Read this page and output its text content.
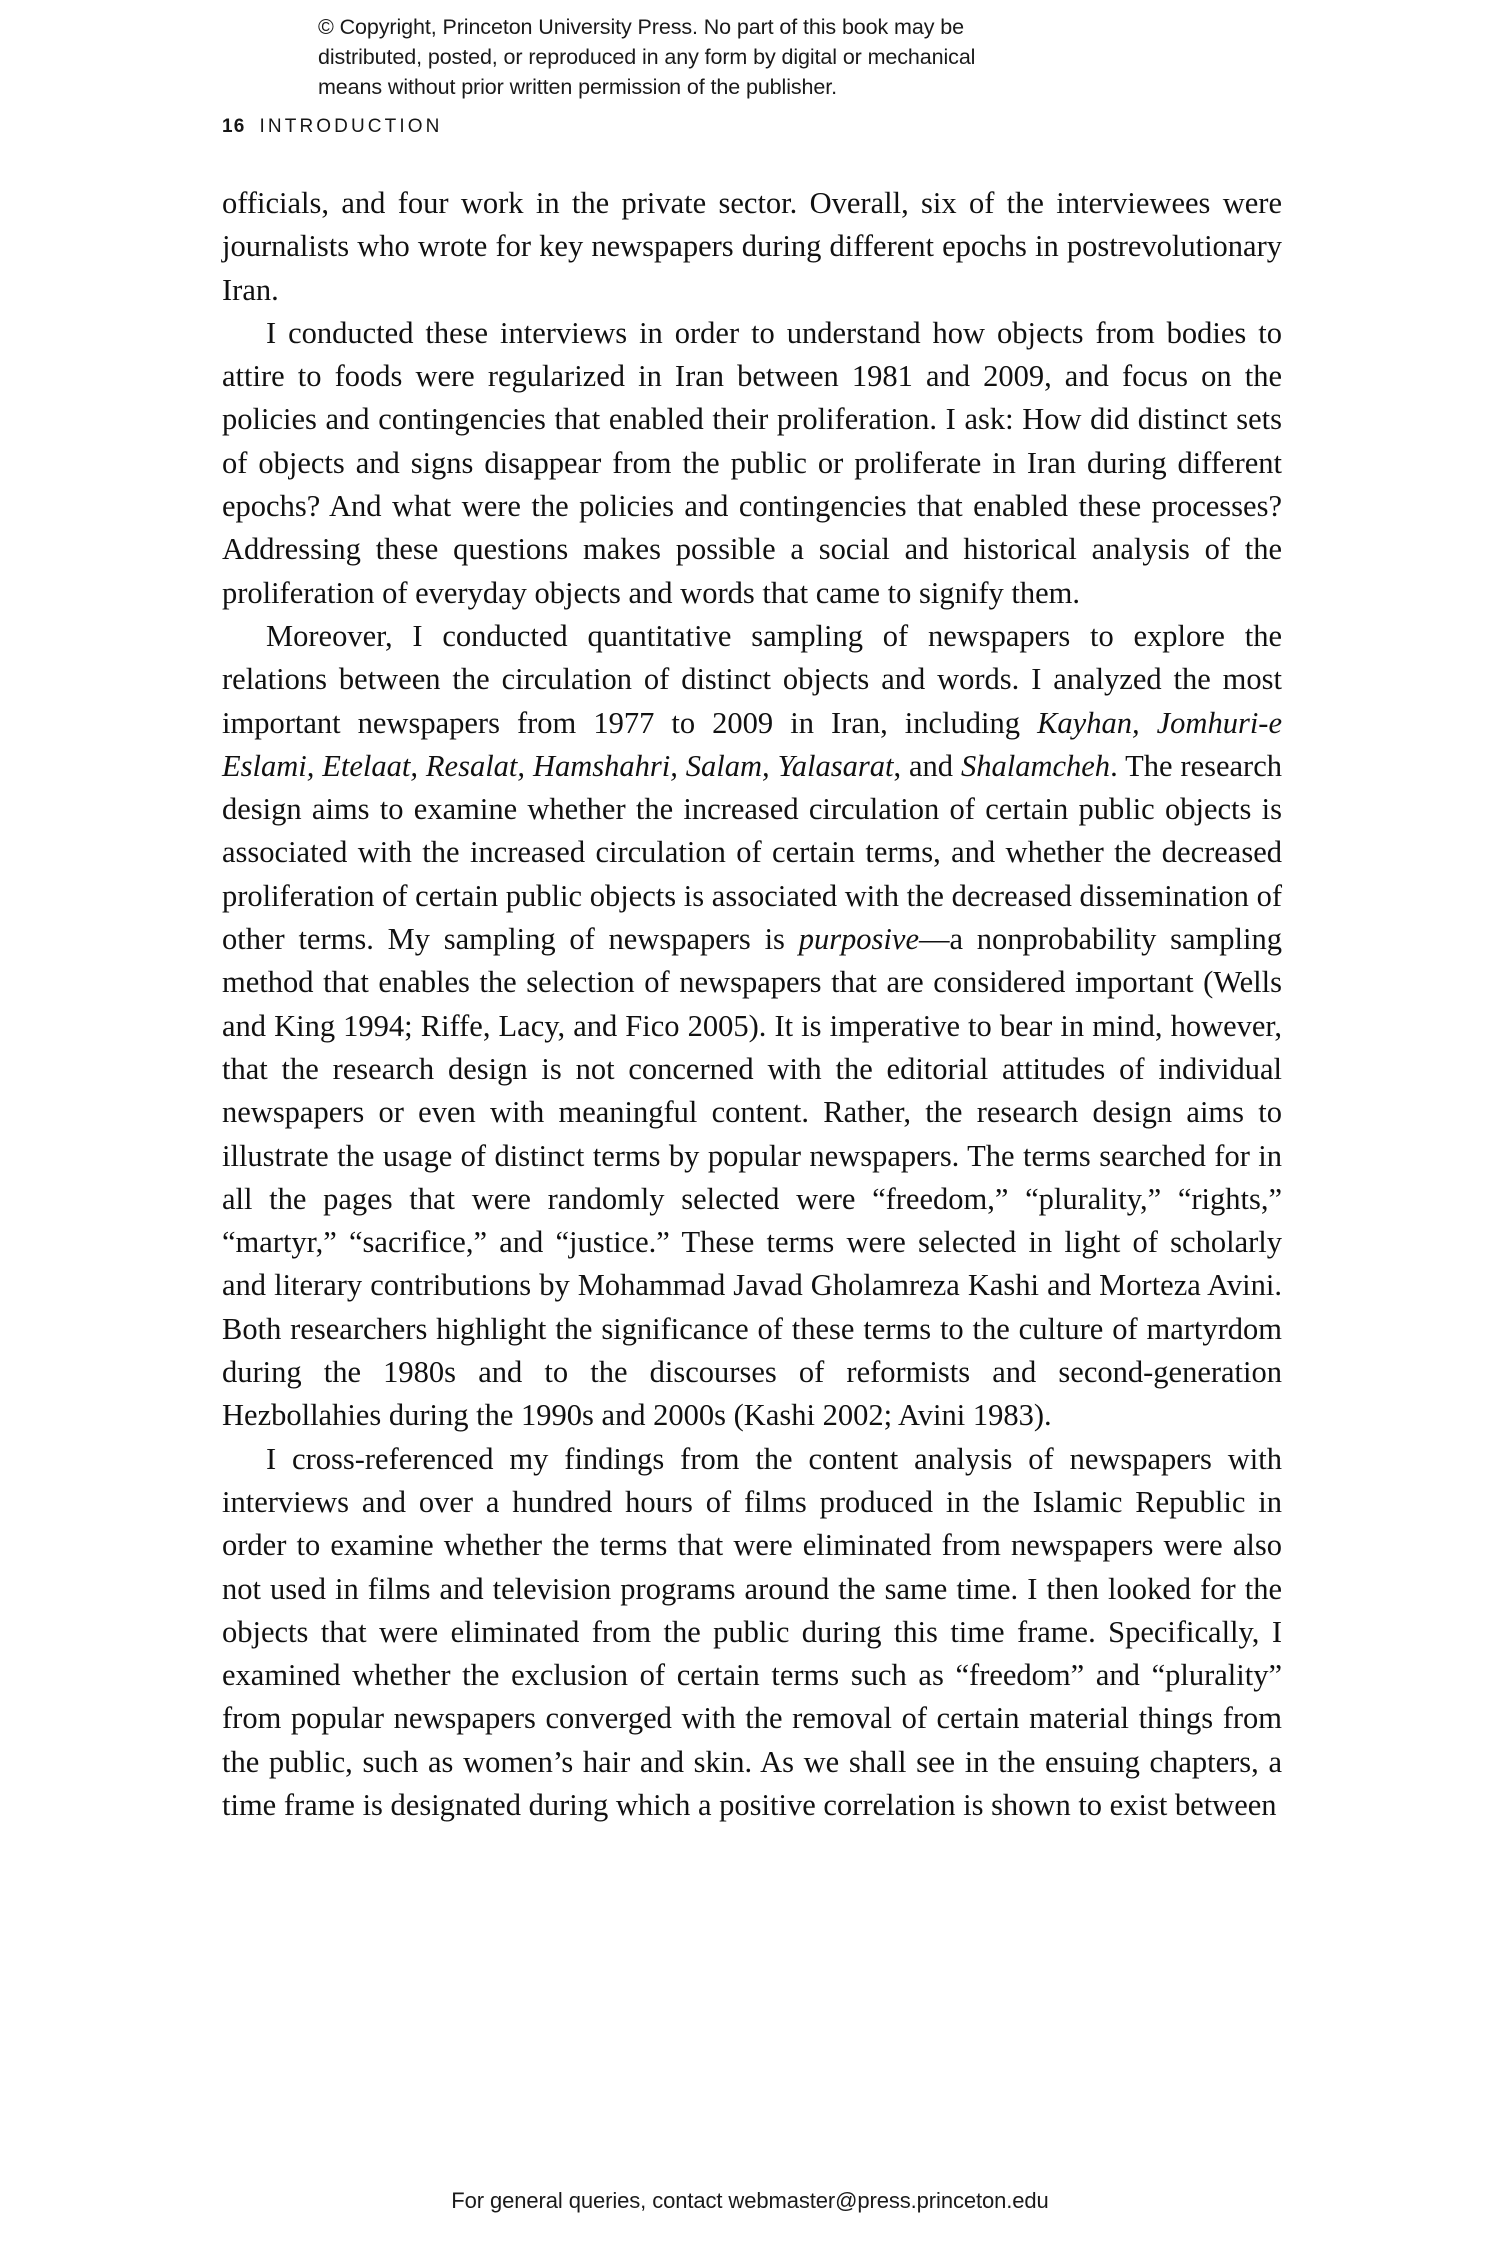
© Copyright, Princeton University Press. No part of this book may be
distributed, posted, or reproduced in any form by digital or mechanical
means without prior written permission of the publisher.
16 INTRODUCTION

officials, and four work in the private sector. Overall, six of the interviewees were journalists who wrote for key newspapers during different epochs in postrevolutionary Iran.

I conducted these interviews in order to understand how objects from bodies to attire to foods were regularized in Iran between 1981 and 2009, and focus on the policies and contingencies that enabled their proliferation. I ask: How did distinct sets of objects and signs disappear from the public or proliferate in Iran during different epochs? And what were the policies and contingencies that enabled these processes? Addressing these questions makes possible a social and historical analysis of the proliferation of everyday objects and words that came to signify them.

Moreover, I conducted quantitative sampling of newspapers to explore the relations between the circulation of distinct objects and words. I analyzed the most important newspapers from 1977 to 2009 in Iran, including Kayhan, Jomhuri-e Eslami, Etelaat, Resalat, Hamshahri, Salam, Yalasarat, and Shalamcheh. The research design aims to examine whether the increased circulation of certain public objects is associated with the increased circulation of certain terms, and whether the decreased proliferation of certain public objects is associated with the decreased dissemination of other terms. My sampling of newspapers is purposive—a nonprobability sampling method that enables the selection of newspapers that are considered important (Wells and King 1994; Riffe, Lacy, and Fico 2005). It is imperative to bear in mind, however, that the research design is not concerned with the editorial attitudes of individual newspapers or even with meaningful content. Rather, the research design aims to illustrate the usage of distinct terms by popular newspapers. The terms searched for in all the pages that were randomly selected were “freedom,” “plurality,” “rights,” “martyr,” “sacrifice,” and “justice.” These terms were selected in light of scholarly and literary contributions by Mohammad Javad Gholamreza Kashi and Morteza Avini. Both researchers highlight the significance of these terms to the culture of martyrdom during the 1980s and to the discourses of reformists and second-generation Hezbollahies during the 1990s and 2000s (Kashi 2002; Avini 1983).

I cross-referenced my findings from the content analysis of newspapers with interviews and over a hundred hours of films produced in the Islamic Republic in order to examine whether the terms that were eliminated from newspapers were also not used in films and television programs around the same time. I then looked for the objects that were eliminated from the public during this time frame. Specifically, I examined whether the exclusion of certain terms such as “freedom” and “plurality” from popular newspapers converged with the removal of certain material things from the public, such as women’s hair and skin. As we shall see in the ensuing chapters, a time frame is designated during which a positive correlation is shown to exist between

For general queries, contact webmaster@press.princeton.edu
